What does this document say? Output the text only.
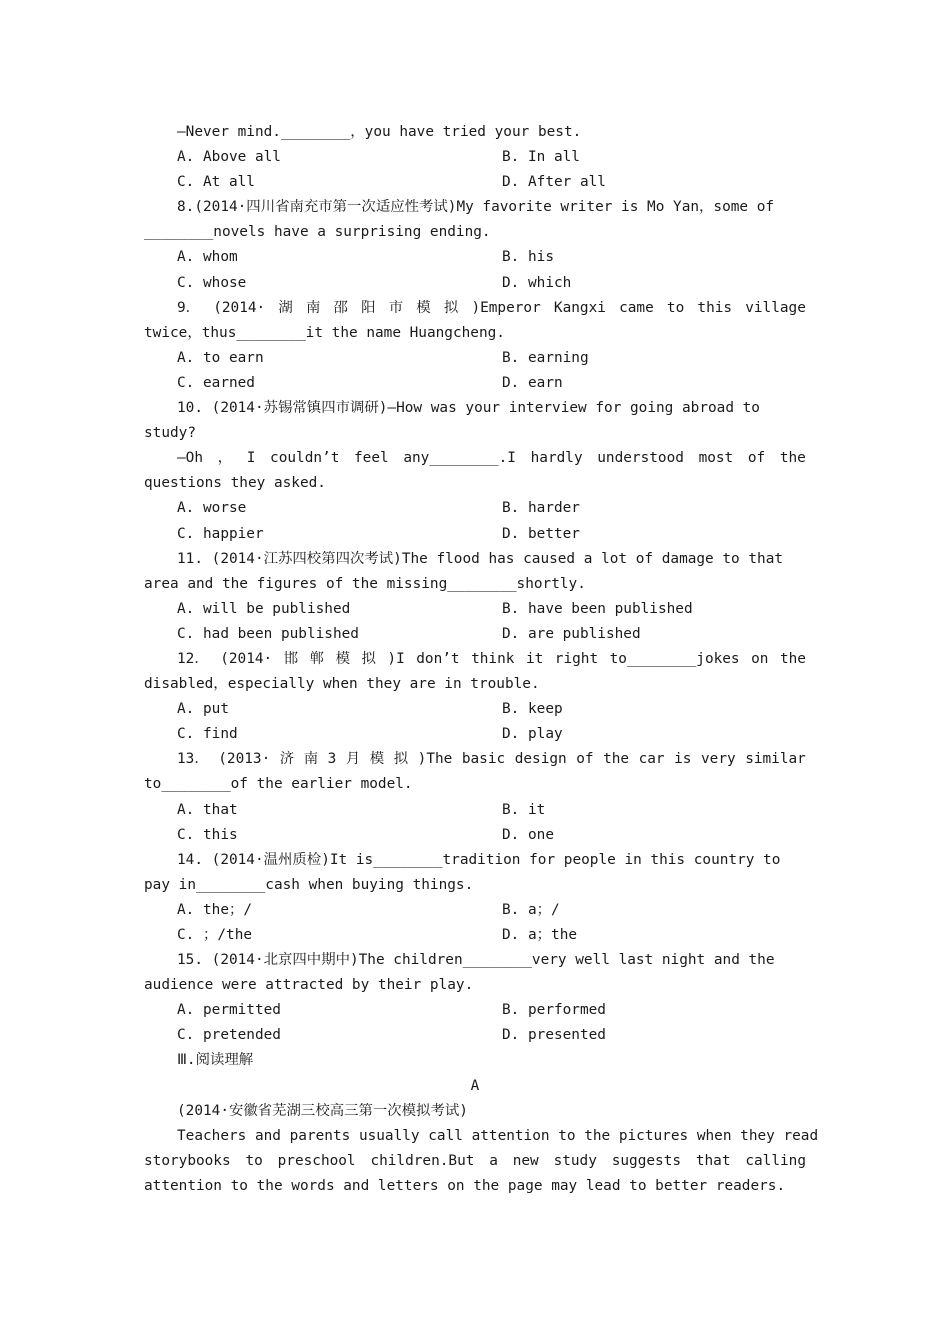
—Never mind.________，you have tried your best.
A. Above all	B. In all
C. At all	D. After all
8.(2014·四川省南充市第一次适应性考试)My favorite writer is Mo Yan，some of
________novels have a surprising ending.
A. whom	B. his
C. whose	D. which
9． (2014· 湖 南 邵 阳 市 模 拟 )Emperor Kangxi came to this village
twice，thus________it the name Huangcheng.
A. to earn	B. earning
C. earned	D. earn
10. (2014·苏锡常镇四市调研)—How was your interview for going abroad to
study?
—Oh ， I couldn’t feel any________.I hardly understood most of the
questions they asked.
A. worse	B. harder
C. happier	D. better
11. (2014·江苏四校第四次考试)The flood has caused a lot of damage to that
area and the figures of the missing________shortly.
A. will be published	B. have been published
C. had been published	D. are published
12． (2014· 邯 郸 模 拟 )I don’t think it right to________jokes on the
disabled，especially when they are in trouble.
A. put	B. keep
C. find	D. play
13． (2013· 济 南 3 月 模 拟 )The basic design of the car is very similar
to________of the earlier model.
A. that	B. it
C. this	D. one
14. (2014·温州质检)It is________tradition for people in this country to
pay in________cash when buying things.
A. the；/	B. a；/
C. ；/the	D. a；the
15. (2014·北京四中期中)The children________very well last night and the
audience were attracted by their play.
A. permitted	B. performed
C. pretended	D. presented
Ⅲ.阅读理解
A
(2014·安徽省芜湖三校高三第一次模拟考试)
Teachers and parents usually call attention to the pictures when they read
storybooks to preschool children.But a new study suggests that calling
attention to the words and letters on the page may lead to better readers.
